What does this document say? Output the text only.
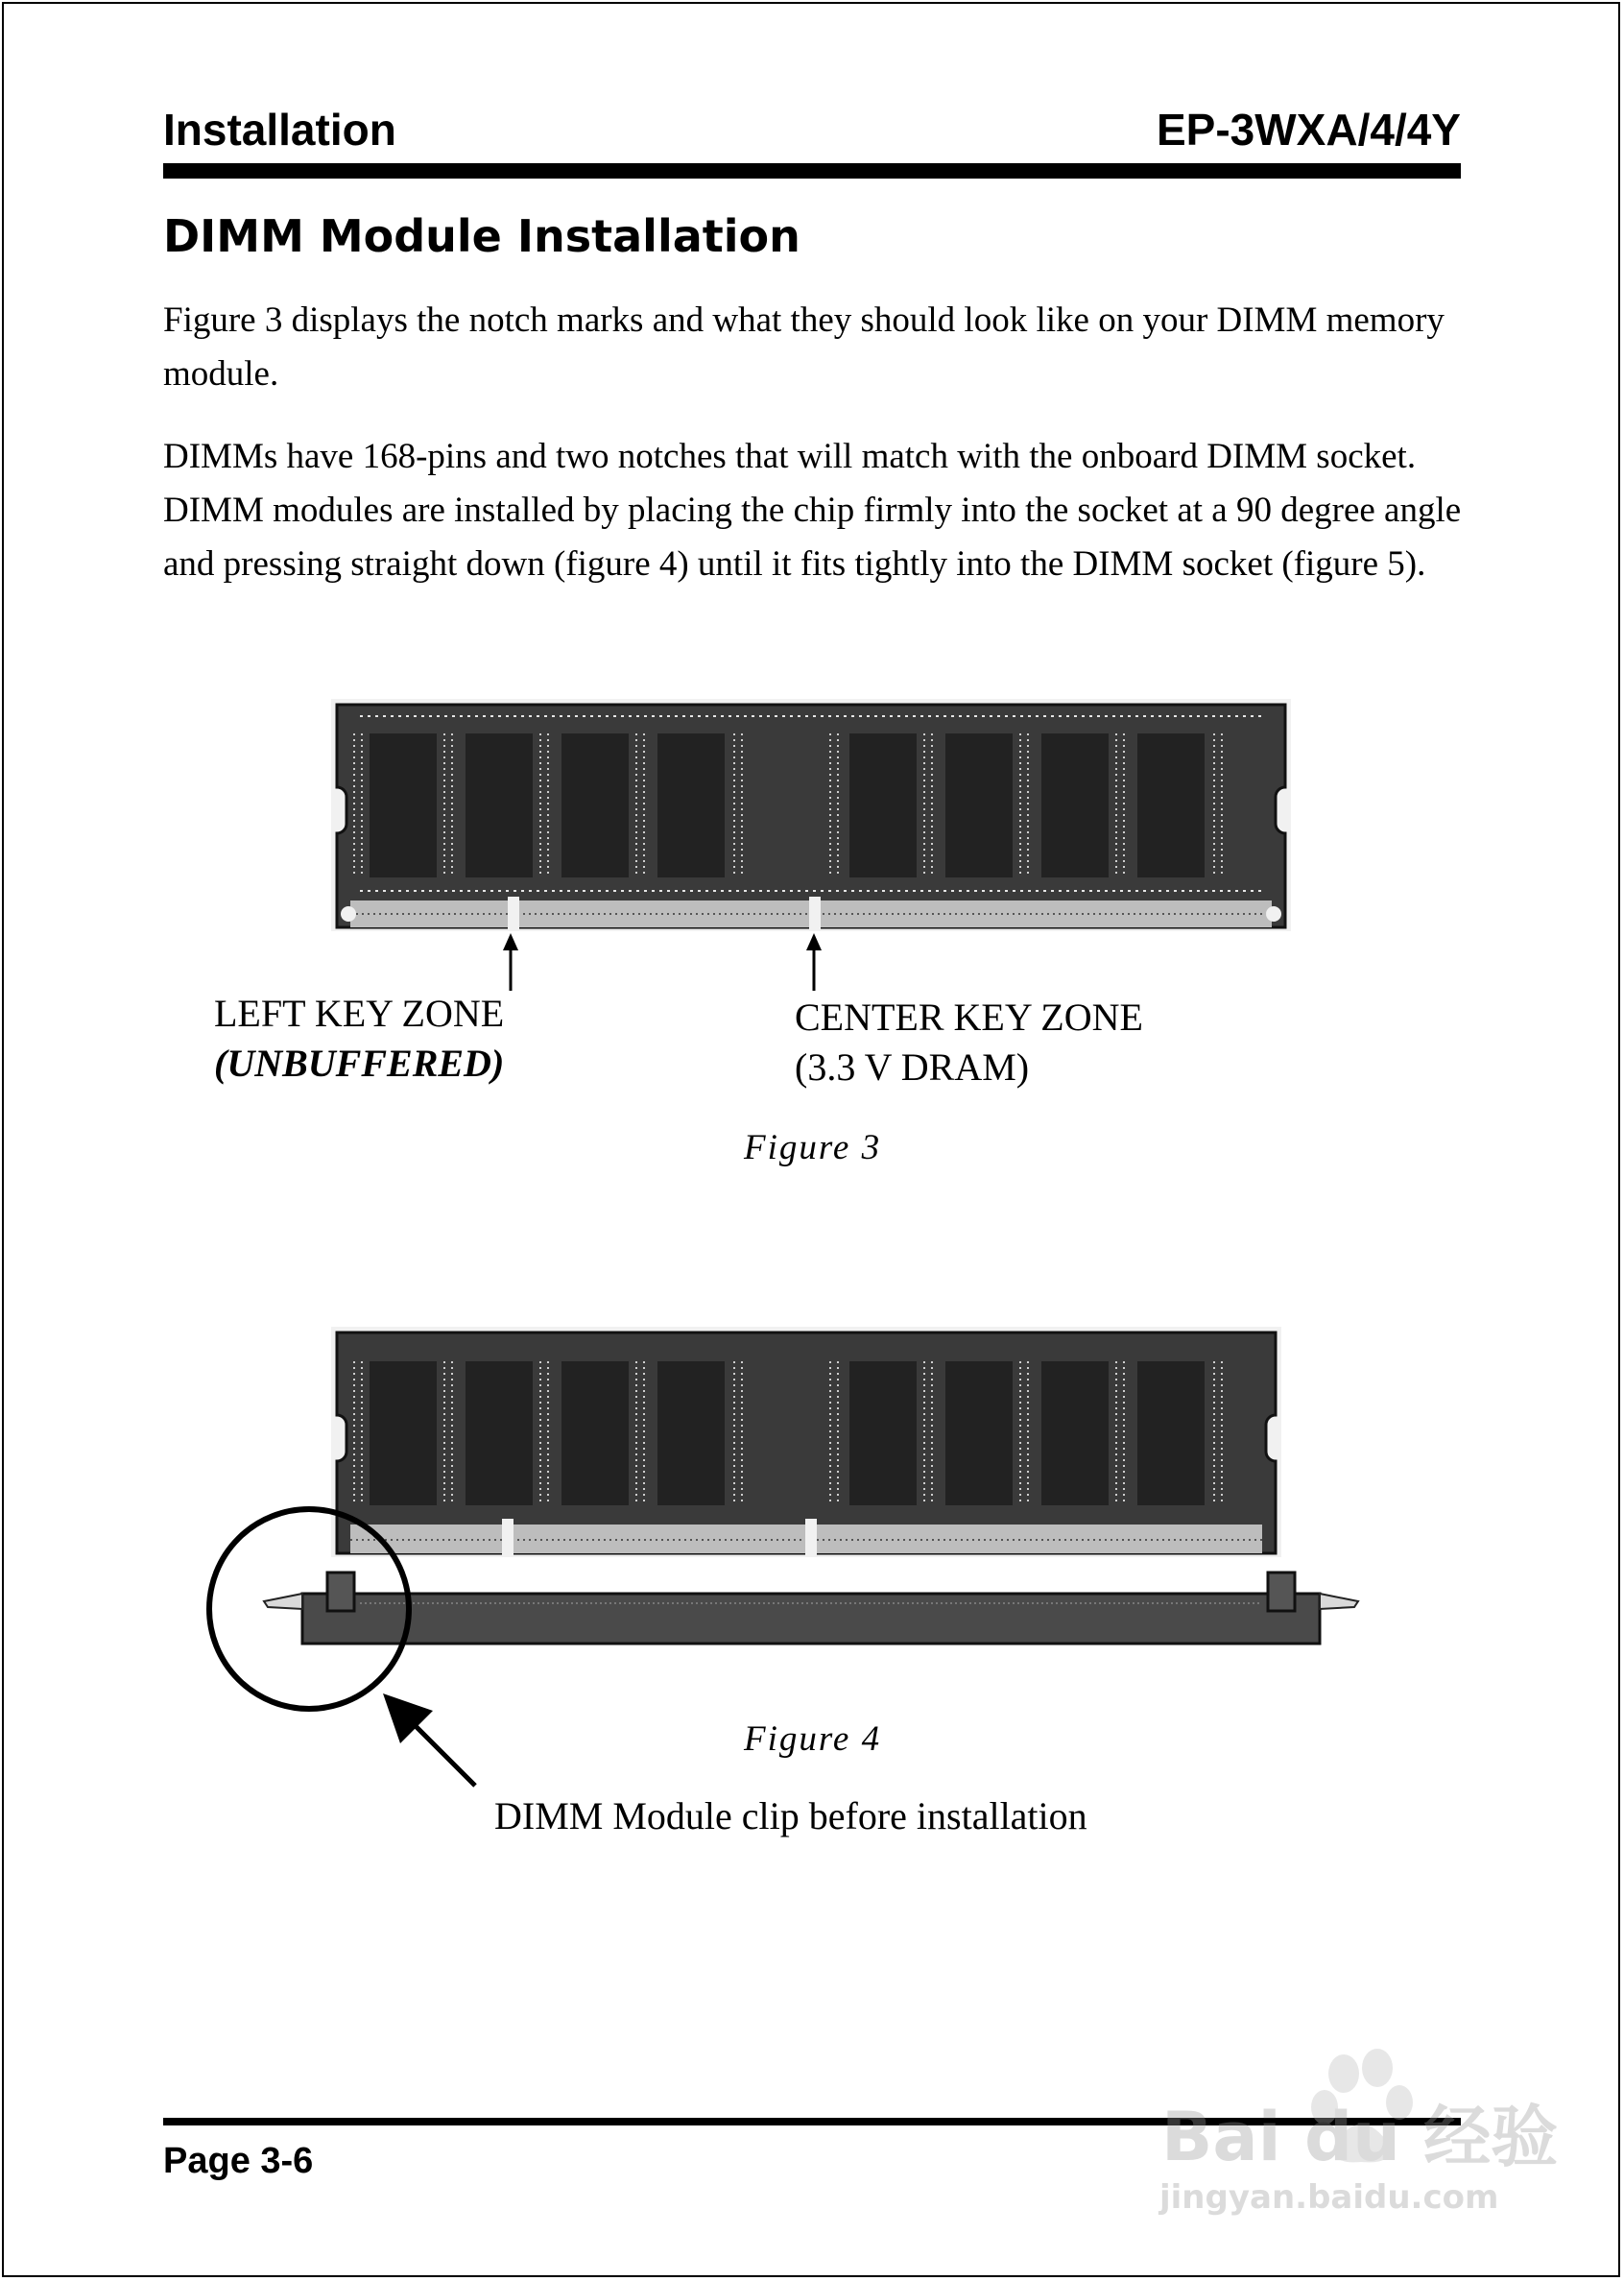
Installation	EP-3WXA/4/4Y
DIMM Module Installation

Figure 3 displays the notch marks and what they should look like on your DIMM memory module.

DIMMs have 168-pins and two notches that will match with the onboard DIMM socket. DIMM modules are installed by placing the chip firmly into the socket at a 90 degree angle and pressing straight down (figure 4) until it fits tightly into the DIMM socket (figure 5).

LEFT KEY ZONE
(UNBUFFERED)
CENTER KEY ZONE
(3.3 V DRAM)
Figure 3
Figure 4
DIMM Module clip before installation
Page 3-6	Bai du 经验
jingyan.baidu.com
